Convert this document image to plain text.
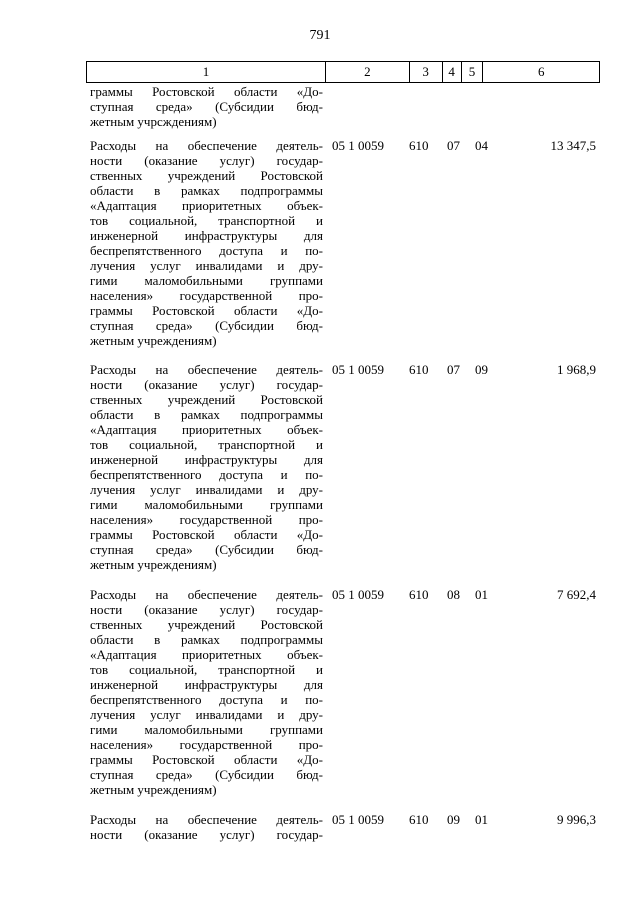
791
1	2	3	4	5	6
граммы Ростовской области «До-
ступная среда» (Субсидии бюд-
жетным учрсждениям)
Расходы на обеспечение деятель-
ности (оказание услуг) государ-
ственных учреждений Ростовской
области в рамках подпрограммы
«Адаптация приоритетных объек-
тов социальной, транспортной и
инженерной инфраструктуры для
беспрепятственного доступа и по-
лучения услуг инвалидами и дру-
гими маломобильными группами
населения» государственной про-
граммы Ростовской области «До-
ступная среда» (Субсидии бюд-
жетным учреждениям)
05 1 0059 610 07 04	13 347,5
Расходы на обеспечение деятель-
ности (оказание услуг) государ-
ственных учреждений Ростовской
области в рамках подпрограммы
«Адаптация приоритетных объек-
тов социальной, транспортной и
инженерной инфраструктуры для
беспрепятственного доступа и по-
лучения услуг инвалидами и дру-
гими маломобильными группами
населения» государственной про-
граммы Ростовской области «До-
ступная среда» (Субсидии бюд-
жетным учреждениям)
05 1 0059 610 07 09	1 968,9
Расходы на обеспечение деятель-
ности (оказание услуг) государ-
ственных учреждений Ростовской
области в рамках подпрограммы
«Адаптация приоритетных объек-
тов социальной, транспортной и
инженерной инфраструктуры для
беспрепятственного доступа и по-
лучения услуг инвалидами и дру-
гими маломобильными группами
населения» государственной про-
граммы Ростовской области «До-
ступная среда» (Субсидии бюд-
жетным учреждениям)
05 1 0059 610 08 01	7 692,4
Расходы на обеспечение деятель-
ности (оказание услуг) государ-
05 1 0059 610 09 01	9 996,3
